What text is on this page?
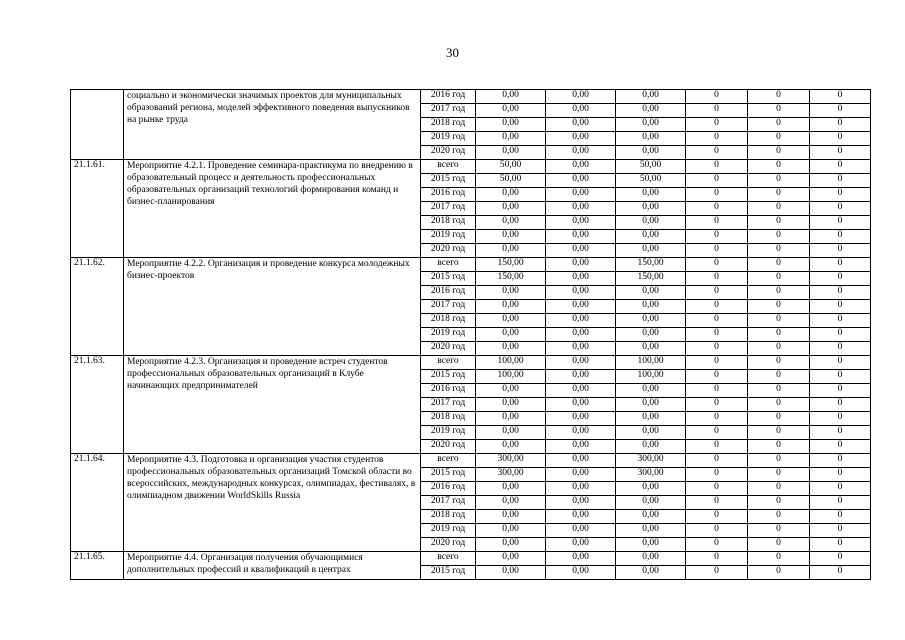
30
	социально и экономически значимых проектов для муниципальных образований региона, моделей эффективного поведения выпускников на рынке труда	2016 год	0,00	0,00	0,00	0	0	0
		2017 год	0,00	0,00	0,00	0	0	0
		2018 год	0,00	0,00	0,00	0	0	0
		2019 год	0,00	0,00	0,00	0	0	0
		2020 год	0,00	0,00	0,00	0	0	0
21.1.61.	Мероприятие 4.2.1. Проведение семинара-практикума по внедрению в образовательный процесс и деятельность профессиональных образовательных организаций технологий формирования команд и бизнес-планирования	всего	50,00	0,00	50,00	0	0	0
		2015 год	50,00	0,00	50,00	0	0	0
		2016 год	0,00	0,00	0,00	0	0	0
		2017 год	0,00	0,00	0,00	0	0	0
		2018 год	0,00	0,00	0,00	0	0	0
		2019 год	0,00	0,00	0,00	0	0	0
		2020 год	0,00	0,00	0,00	0	0	0
21.1.62.	Мероприятие 4.2.2. Организация и проведение конкурса молодежных бизнес-проектов	всего	150,00	0,00	150,00	0	0	0
		2015 год	150,00	0,00	150,00	0	0	0
		2016 год	0,00	0,00	0,00	0	0	0
		2017 год	0,00	0,00	0,00	0	0	0
		2018 год	0,00	0,00	0,00	0	0	0
		2019 год	0,00	0,00	0,00	0	0	0
		2020 год	0,00	0,00	0,00	0	0	0
21.1.63.	Мероприятие 4.2.3. Организация и проведение встреч студентов профессиональных образовательных организаций в Клубе начинающих предпринимателей	всего	100,00	0,00	100,00	0	0	0
		2015 год	100,00	0,00	100,00	0	0	0
		2016 год	0,00	0,00	0,00	0	0	0
		2017 год	0,00	0,00	0,00	0	0	0
		2018 год	0,00	0,00	0,00	0	0	0
		2019 год	0,00	0,00	0,00	0	0	0
		2020 год	0,00	0,00	0,00	0	0	0
21.1.64.	Мероприятие 4.3. Подготовка и организация участия студентов профессиональных образовательных организаций Томской области во всероссийских, международных конкурсах, олимпиадах, фестивалях, в олимпиадном движении WorldSkills Russia	всего	300,00	0,00	300,00	0	0	0
		2015 год	300,00	0,00	300,00	0	0	0
		2016 год	0,00	0,00	0,00	0	0	0
		2017 год	0,00	0,00	0,00	0	0	0
		2018 год	0,00	0,00	0,00	0	0	0
		2019 год	0,00	0,00	0,00	0	0	0
		2020 год	0,00	0,00	0,00	0	0	0
21.1.65.	Мероприятие 4.4. Организация получения обучающимися дополнительных профессий и квалификаций в центрах	всего	0,00	0,00	0,00	0	0	0
		2015 год	0,00	0,00	0,00	0	0	0
